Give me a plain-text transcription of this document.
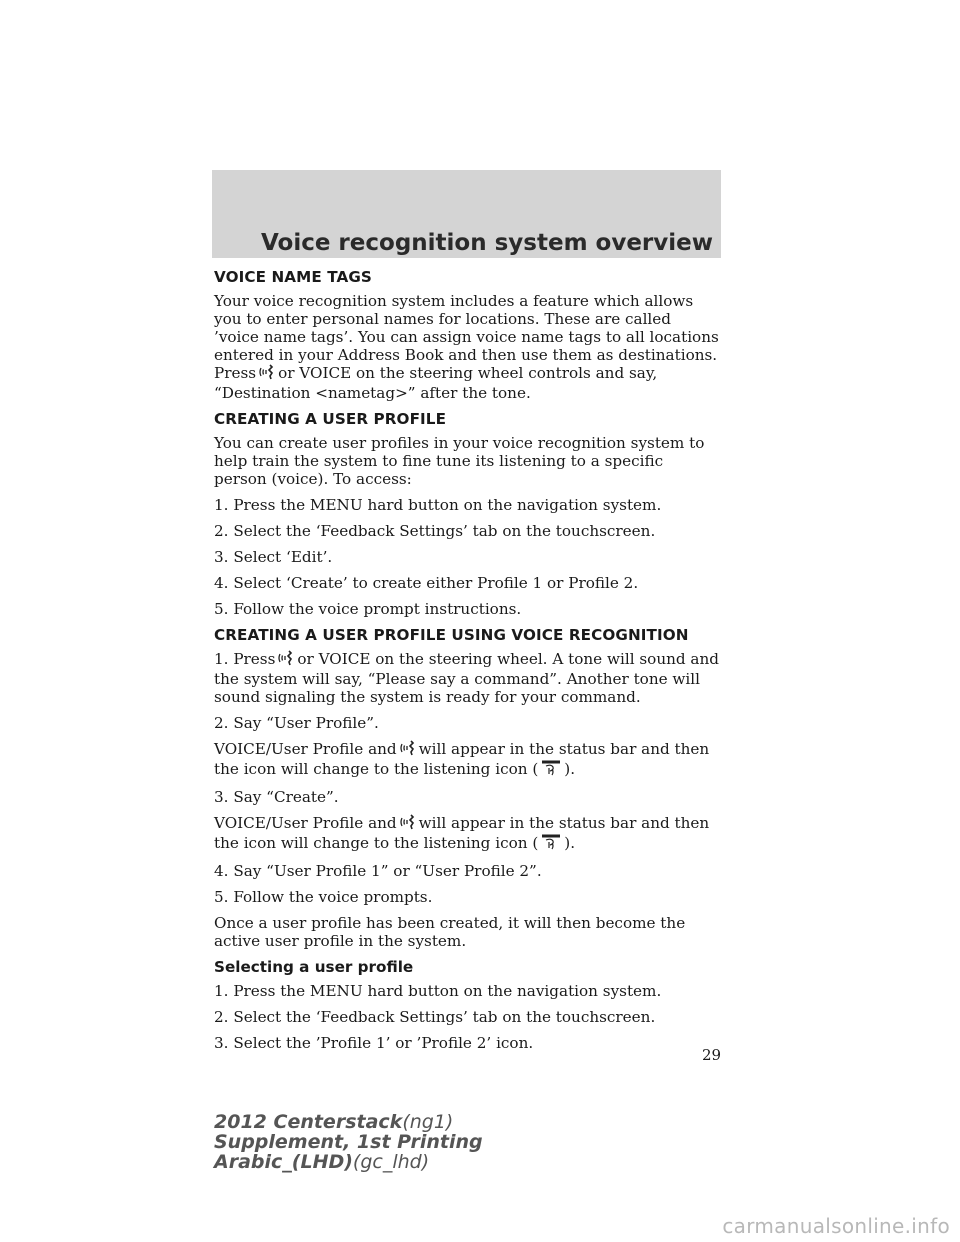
Voice recognition system overview
VOICE NAME TAGS

Your voice recognition system includes a feature which allows you to enter personal names for locations. These are called ’voice name tags’. You can assign voice name tags to all locations entered in your Address Book and then use them as destinations. Press or VOICE on the steering wheel controls and say, “Destination <nametag>” after the tone.

CREATING A USER PROFILE

You can create user profiles in your voice recognition system to help train the system to fine tune its listening to a specific person (voice). To access:

1. Press the MENU hard button on the navigation system.

2. Select the ‘Feedback Settings’ tab on the touchscreen.

3. Select ‘Edit’.

4. Select ‘Create’ to create either Profile 1 or Profile 2.

5. Follow the voice prompt instructions.

CREATING A USER PROFILE USING VOICE RECOGNITION

1. Press or VOICE on the steering wheel. A tone will sound and the system will say, “Please say a command”. Another tone will sound signaling the system is ready for your command.

2. Say “User Profile”.

VOICE/User Profile and will appear in the status bar and then the icon will change to the listening icon ( ).

3. Say “Create”.

VOICE/User Profile and will appear in the status bar and then the icon will change to the listening icon ( ).

4. Say “User Profile 1” or “User Profile 2”.

5. Follow the voice prompts.

Once a user profile has been created, it will then become the active user profile in the system.

Selecting a user profile

1. Press the MENU hard button on the navigation system.

2. Select the ‘Feedback Settings’ tab on the touchscreen.

3. Select the ’Profile 1’ or ’Profile 2’ icon.

29
2012 Centerstack(ng1)
Supplement, 1st Printing
Arabic_(LHD)(gc_lhd)
carmanualsonline.info
